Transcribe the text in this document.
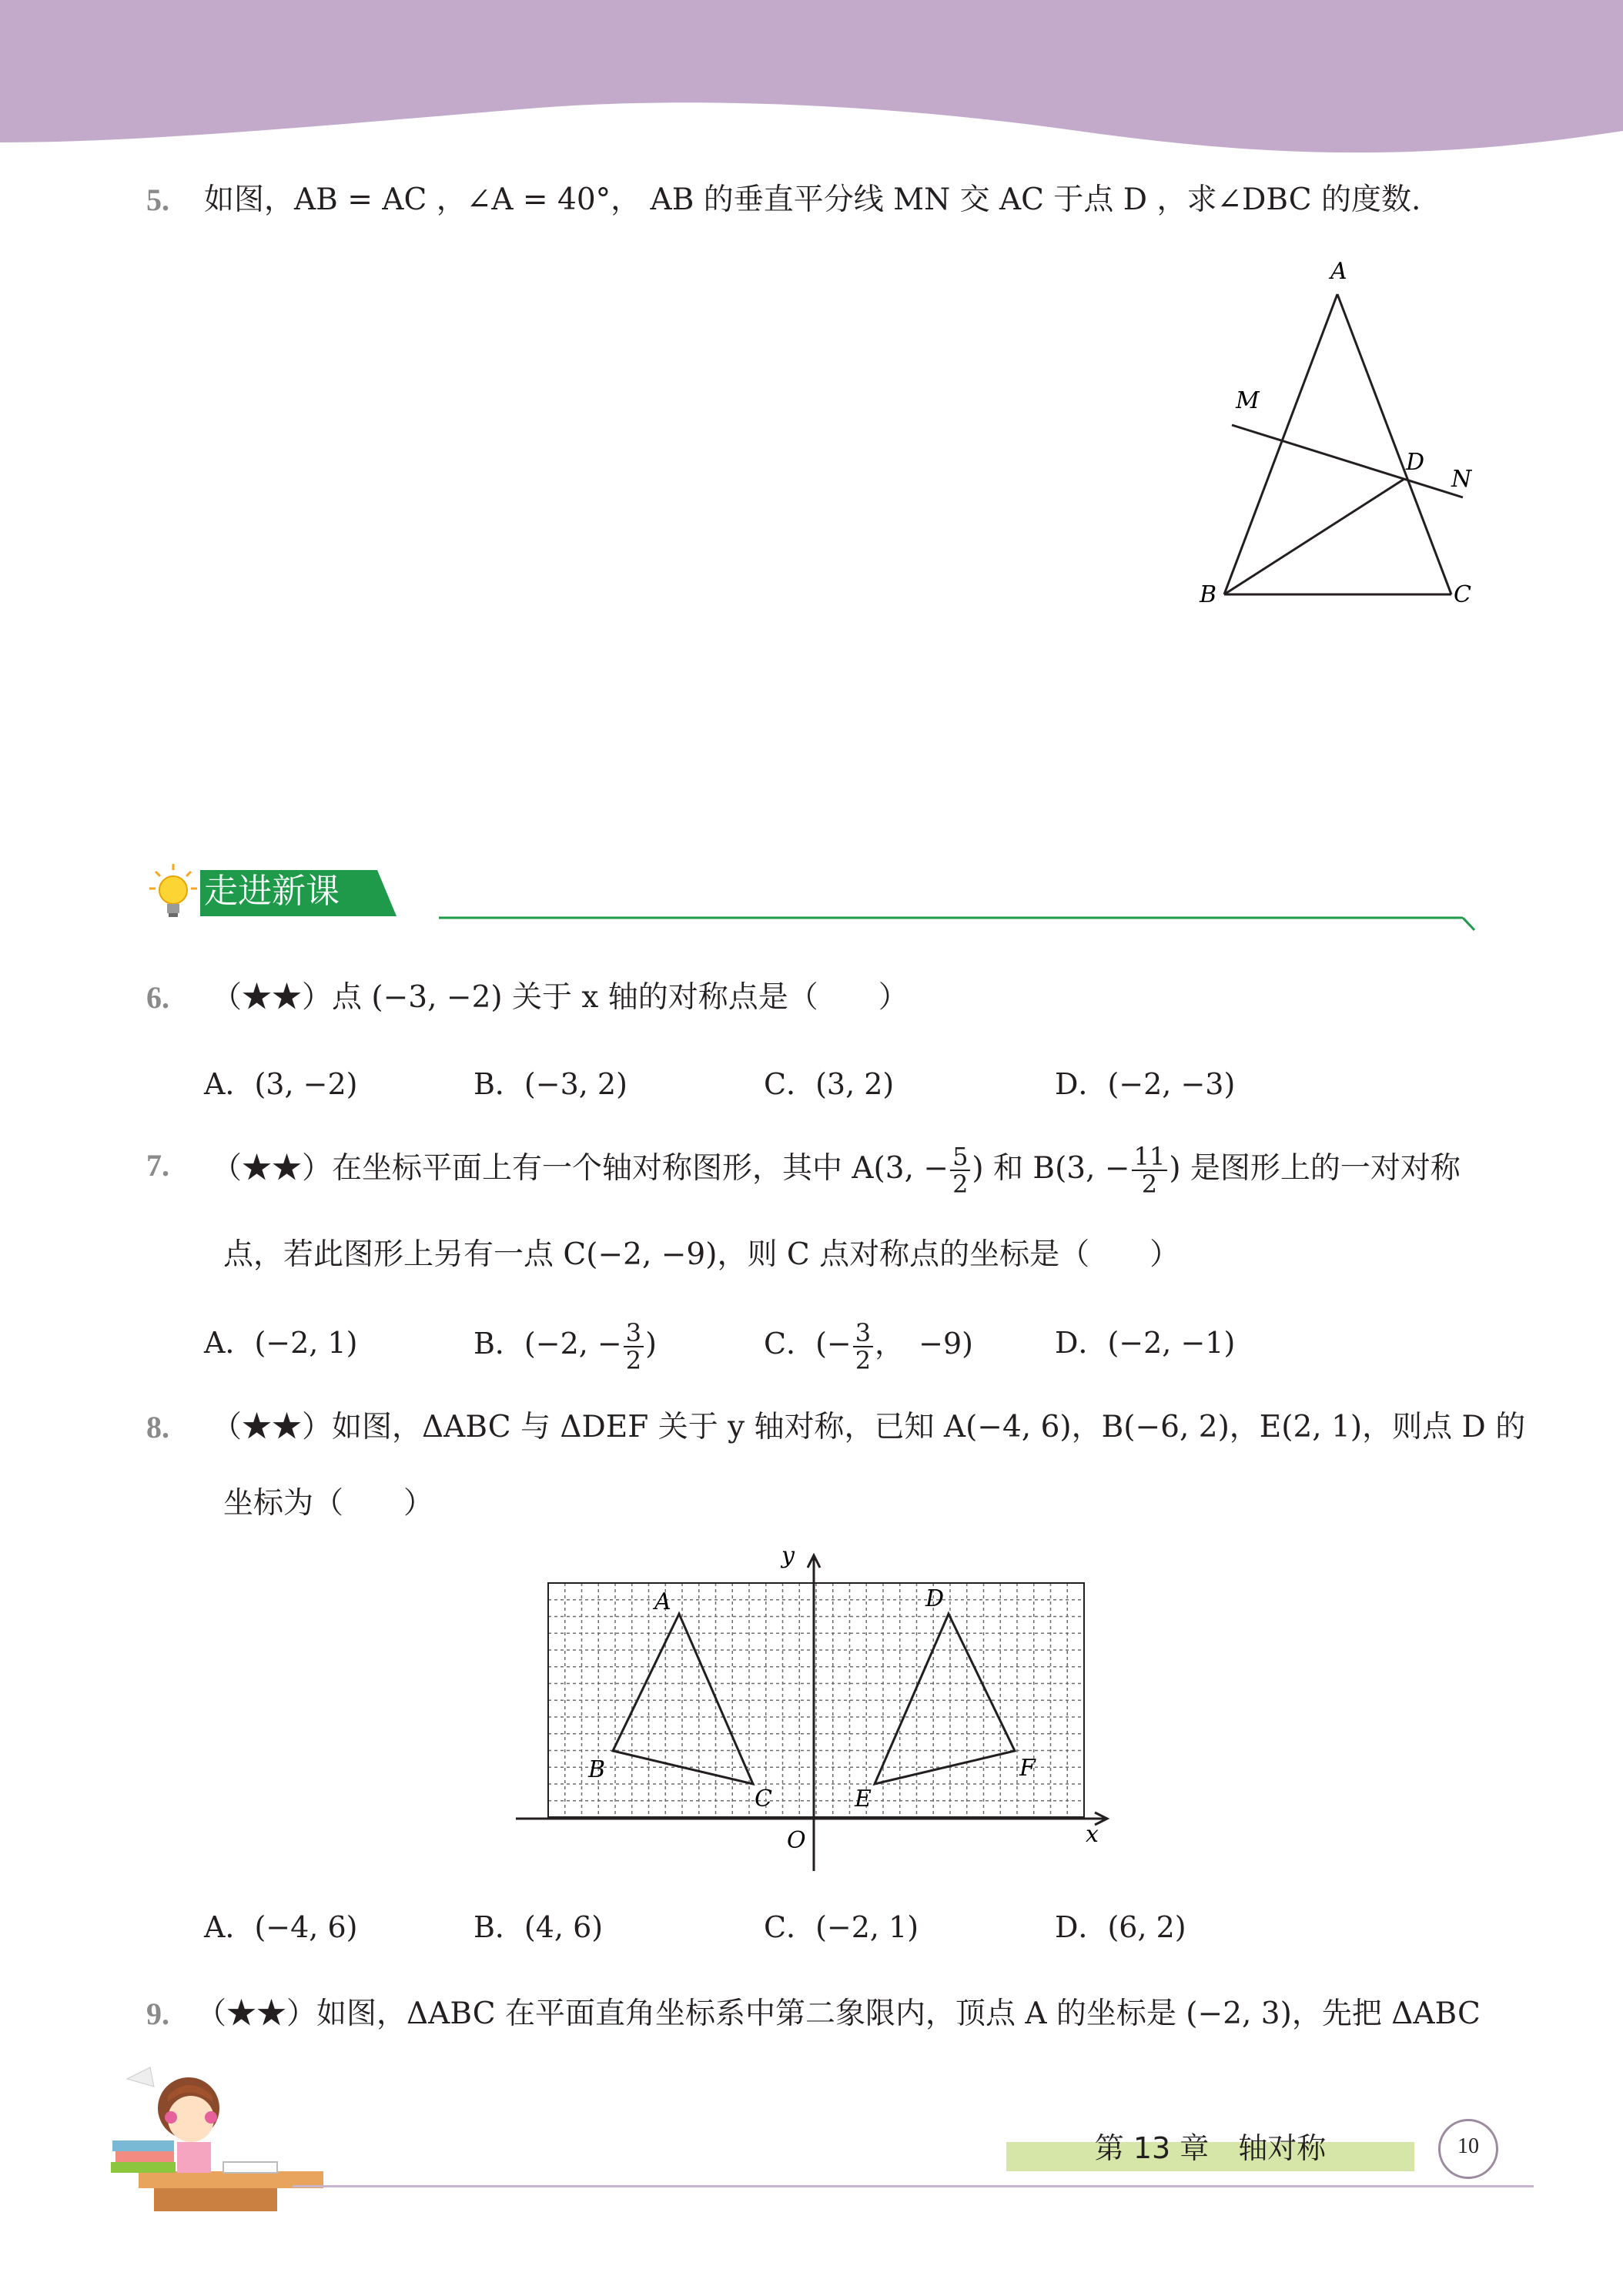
5. 如图，AB = AC ，∠A = 40°， AB 的垂直平分线 MN 交 AC 于点 D ，求∠DBC 的度数.
A
M
D
N
B	C
走进新课
6. （★★）点 (−3, −2) 关于 x 轴的对称点是（　　）
A．(3, −2)	B．(−3, 2)	C．(3, 2)	D．(−2, −3)
7. （★★）在坐标平面上有一个轴对称图形，其中 A(3, − $\frac{5}{2}$ ) 和 B(3, − $\frac{11}{2}$ ) 是图形上的一对对称
点，若此图形上另有一点 C(−2, −9)，则 C 点对称点的坐标是（　　）
A．(−2, 1)	B．(−2, − $\frac{3}{2}$ )	C．(− $\frac{3}{2}$ ，　−9)	D．(−2, −1)
8. （★★）如图，ΔABC 与 ΔDEF 关于 y 轴对称，已知 A(−4, 6)，B(−6, 2)，E(2, 1)，则点 D 的
坐标为（　　）
y
x
O
A
B
C
D
E
F
A．(−4, 6)	B．(4, 6)	C．(−2, 1)	D．(6, 2)
9. （★★）如图，ΔABC 在平面直角坐标系中第二象限内，顶点 A 的坐标是 (−2, 3)，先把 ΔABC
第 13 章　轴对称	10
